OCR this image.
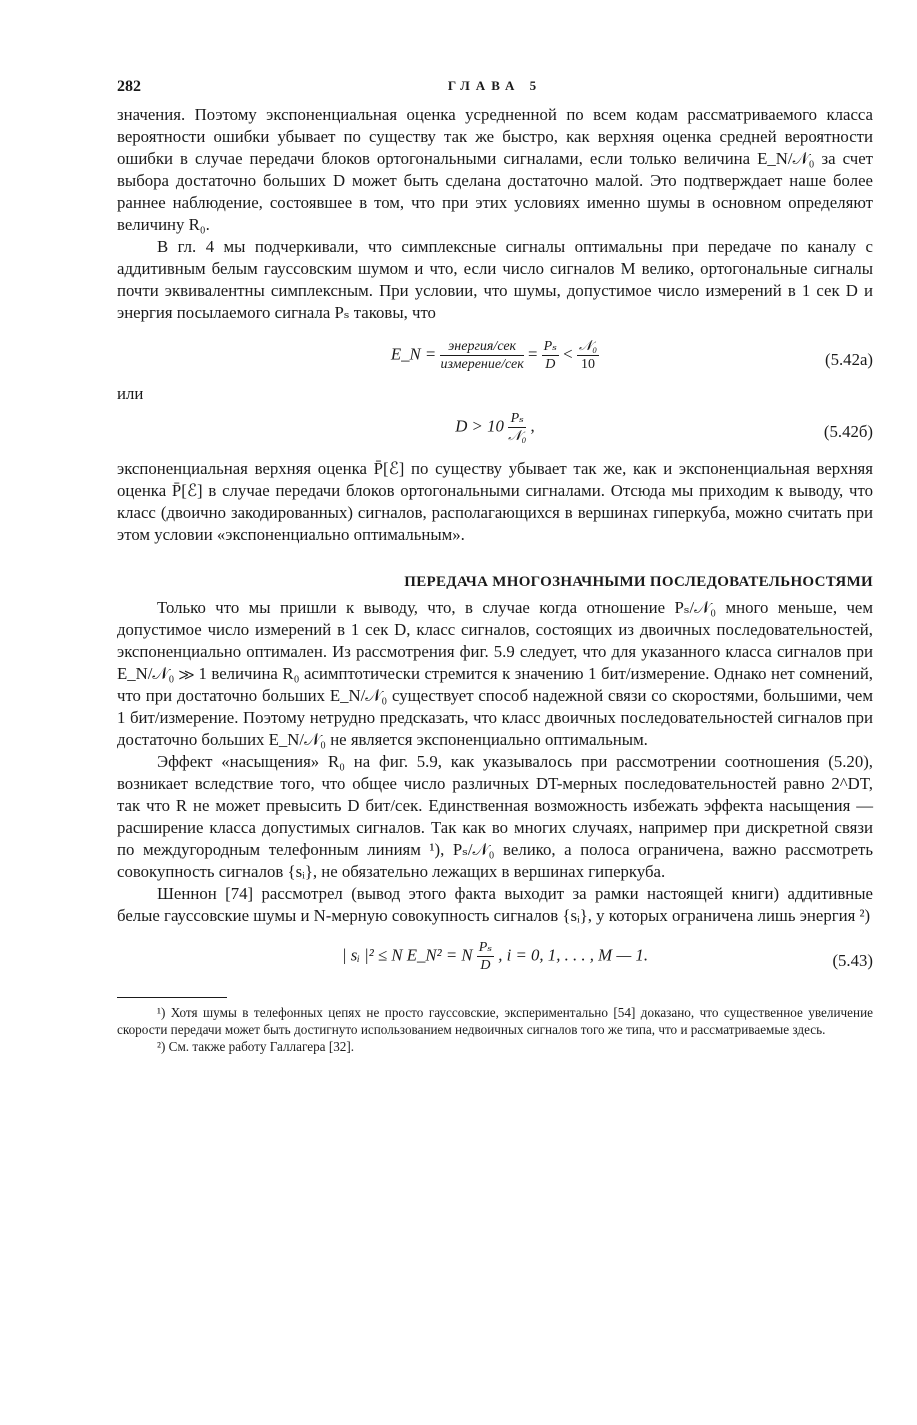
282	ГЛАВА 5

значения. Поэтому экспоненциальная оценка усредненной по всем кодам рассматриваемого класса вероятности ошибки убывает по существу так же быстро, как верхняя оценка средней вероятности ошибки в случае передачи блоков ортогональными сигналами, если только величина E_N/𝒩₀ за счет выбора достаточно больших D может быть сделана достаточно малой. Это подтверждает наше более раннее наблюдение, состоявшее в том, что при этих условиях именно шумы в основном определяют величину R₀.

В гл. 4 мы подчеркивали, что симплексные сигналы оптимальны при передаче по каналу с аддитивным белым гауссовским шумом и что, если число сигналов M велико, ортогональные сигналы почти эквивалентны симплексным. При условии, что шумы, допустимое число измерений в 1 сек D и энергия посылаемого сигнала Pₛ таковы, что

E_N = $\frac{\text{энергия/сек}}{\text{измерение/сек}} = \frac{\text{Pₛ}}{D} < \frac{\text{𝒩₀}}{10}$	(5.42а)
или
$D > 10 \frac{\text{Pₛ}}{\text{𝒩₀}}$ ,	(5.42б)

экспоненциальная верхняя оценка P̄[ℰ] по существу убывает так же, как и экспоненциальная верхняя оценка P̄[ℰ] в случае передачи блоков ортогональными сигналами. Отсюда мы приходим к выводу, что класс (двоично закодированных) сигналов, располагающихся в вершинах гиперкуба, можно считать при этом условии «экспоненциально оптимальным».

ПЕРЕДАЧА МНОГОЗНАЧНЫМИ ПОСЛЕДОВАТЕЛЬНОСТЯМИ

Только что мы пришли к выводу, что, в случае когда отношение Pₛ/𝒩₀ много меньше, чем допустимое число измерений в 1 сек D, класс сигналов, состоящих из двоичных последовательностей, экспоненциально оптимален. Из рассмотрения фиг. 5.9 следует, что для указанного класса сигналов при E_N/𝒩₀ ≫ 1 величина R₀ асимптотически стремится к значению 1 бит/измерение. Однако нет сомнений, что при достаточно больших E_N/𝒩₀ существует способ надежной связи со скоростями, большими, чем 1 бит/измерение. Поэтому нетрудно предсказать, что класс двоичных последовательностей сигналов при достаточно больших E_N/𝒩₀ не является экспоненциально оптимальным.

Эффект «насыщения» R₀ на фиг. 5.9, как указывалось при рассмотрении соотношения (5.20), возникает вследствие того, что общее число различных DT-мерных последовательностей равно 2^DT, так что R не может превысить D бит/сек. Единственная возможность избежать эффекта насыщения — расширение класса допустимых сигналов. Так как во многих случаях, например при дискретной связи по междугородным телефонным линиям ¹), Pₛ/𝒩₀ велико, а полоса ограничена, важно рассмотреть совокупность сигналов {sᵢ}, не обязательно лежащих в вершинах гиперкуба.

Шеннон [74] рассмотрел (вывод этого факта выходит за рамки настоящей книги) аддитивные белые гауссовские шумы и N-мерную совокупность сигналов {sᵢ}, у которых ограничена лишь энергия ²)

| sᵢ |² ≤ N E_N² = N $\frac{\text{Pₛ}}{D}$ , i = 0, 1, . . . , M — 1.	(5.43)
¹) Хотя шумы в телефонных цепях не просто гауссовские, экспериментально [54] доказано, что существенное увеличение скорости передачи может быть достигнуто использованием недвоичных сигналов того же типа, что и рассматриваемые здесь.
²) См. также работу Галлагера [32].
